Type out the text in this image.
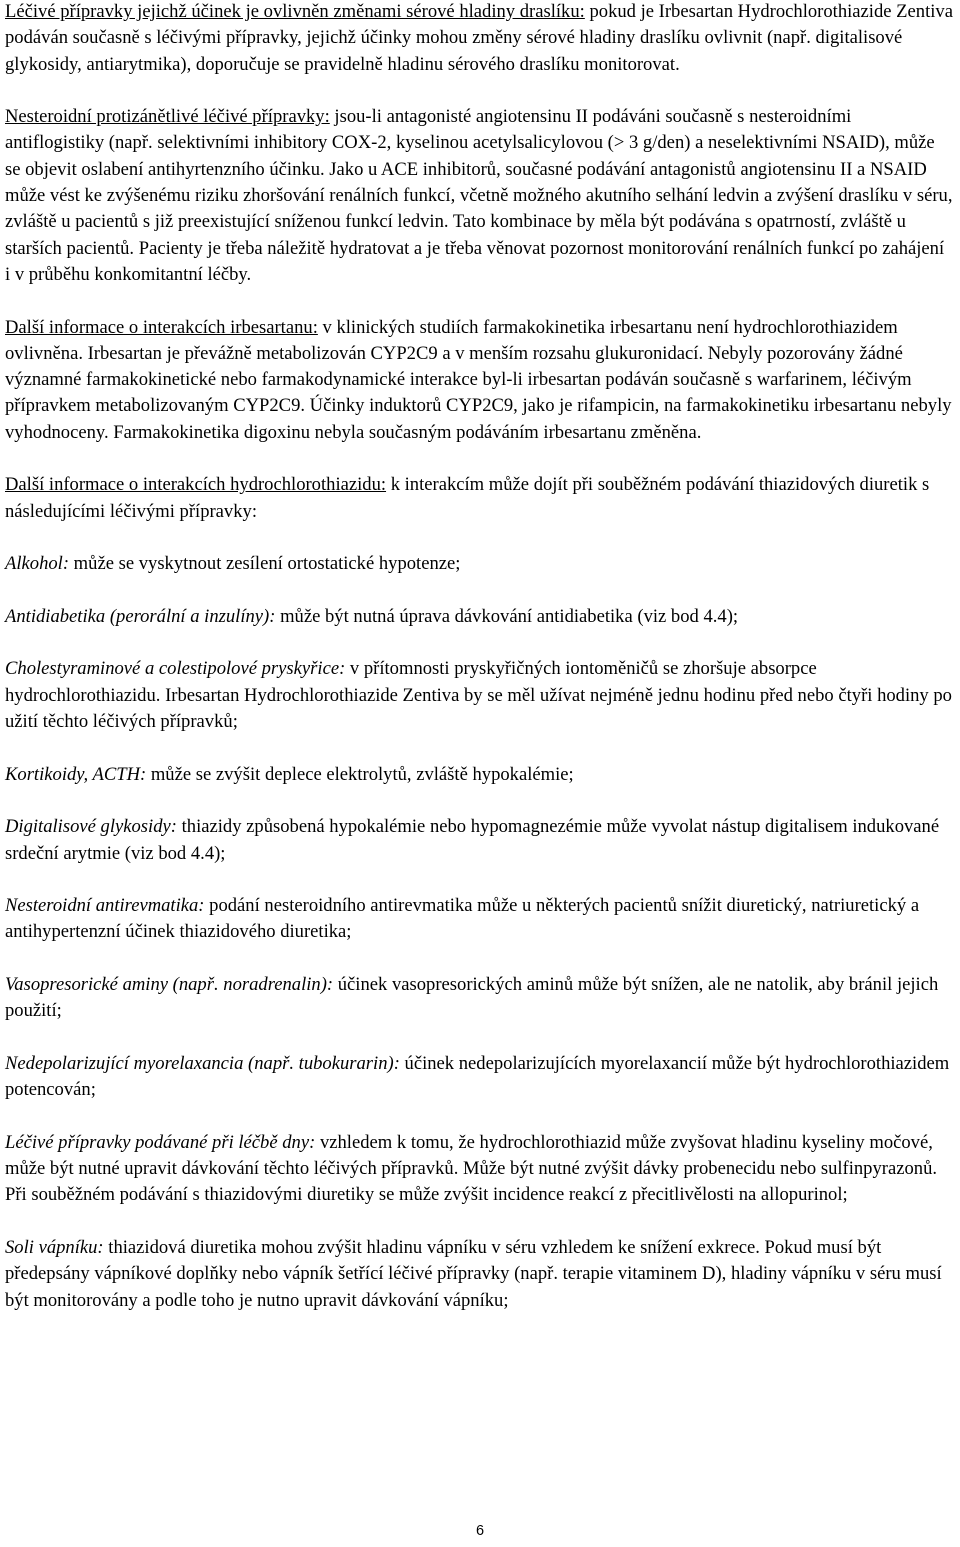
Léčivé přípravky jejichž účinek je ovlivněn změnami sérové hladiny draslíku: pokud je Irbesartan Hydrochlorothiazide Zentiva podáván současně s léčivými přípravky, jejichž účinky mohou změny sérové hladiny draslíku ovlivnit (např. digitalisové glykosidy, antiarytmika), doporučuje se pravidelně hladinu sérového draslíku monitorovat.

Nesteroidní protizánětlivé léčivé přípravky: jsou-li antagonisté angiotensinu II podáváni současně s nesteroidními antiflogistiky (např. selektivními inhibitory COX-2, kyselinou acetylsalicylovou (> 3 g/den) a neselektivními NSAID), může se objevit oslabení antihyrtenzního účinku. Jako u ACE inhibitorů, současné podávání antagonistů angiotensinu II a NSAID může vést ke zvýšenému riziku zhoršování renálních funkcí, včetně možného akutního selhání ledvin a zvýšení draslíku v séru, zvláště u pacientů s již preexistující sníženou funkcí ledvin. Tato kombinace by měla být podávána s opatrností, zvláště u starších pacientů. Pacienty je třeba náležitě hydratovat a je třeba věnovat pozornost monitorování renálních funkcí po zahájení i v průběhu konkomitantní léčby.

Další informace o interakcích irbesartanu: v klinických studiích farmakokinetika irbesartanu není hydrochlorothiazidem ovlivněna. Irbesartan je převážně metabolizován CYP2C9 a v menším rozsahu glukuronidací. Nebyly pozorovány žádné významné farmakokinetické nebo farmakodynamické interakce byl-li irbesartan podáván současně s warfarinem, léčivým přípravkem metabolizovaným CYP2C9. Účinky induktorů CYP2C9, jako je rifampicin, na farmakokinetiku irbesartanu nebyly vyhodnoceny. Farmakokinetika digoxinu nebyla současným podáváním irbesartanu změněna.

Další informace o interakcích hydrochlorothiazidu: k interakcím může dojít při souběžném podávání thiazidových diuretik s následujícími léčivými přípravky:

Alkohol: může se vyskytnout zesílení ortostatické hypotenze;

Antidiabetika (perorální a inzulíny): může být nutná úprava dávkování antidiabetika (viz bod 4.4);

Cholestyraminové a colestipolové pryskyřice: v přítomnosti pryskyřičných iontoměničů se zhoršuje absorpce hydrochlorothiazidu. Irbesartan Hydrochlorothiazide Zentiva by se měl užívat nejméně jednu hodinu před nebo čtyři hodiny po užití těchto léčivých přípravků;

Kortikoidy, ACTH: může se zvýšit deplece elektrolytů, zvláště hypokalémie;

Digitalisové glykosidy: thiazidy způsobená hypokalémie nebo hypomagnezémie může vyvolat nástup digitalisem indukované srdeční arytmie (viz bod 4.4);

Nesteroidní antirevmatika: podání nesteroidního antirevmatika může u některých pacientů snížit diuretický, natriuretický a antihypertenzní účinek thiazidového diuretika;

Vasopresorické aminy (např. noradrenalin): účinek vasopresorických aminů může být snížen, ale ne natolik, aby bránil jejich použití;

Nedepolarizující myorelaxancia (např. tubokurarin): účinek nedepolarizujících myorelaxancií může být hydrochlorothiazidem potencován;

Léčivé přípravky podávané při léčbě dny: vzhledem k tomu, že hydrochlorothiazid může zvyšovat hladinu kyseliny močové, může být nutné upravit dávkování těchto léčivých přípravků. Může být nutné zvýšit dávky probenecidu nebo sulfinpyrazonů. Při souběžném podávání s thiazidovými diuretiky se může zvýšit incidence reakcí z přecitlivělosti na allopurinol;

Soli vápníku: thiazidová diuretika mohou zvýšit hladinu vápníku v séru vzhledem ke snížení exkrece. Pokud musí být předepsány vápníkové doplňky nebo vápník šetřící léčivé přípravky (např. terapie vitaminem D), hladiny vápníku v séru musí být monitorovány a podle toho je nutno upravit dávkování vápníku;

6
